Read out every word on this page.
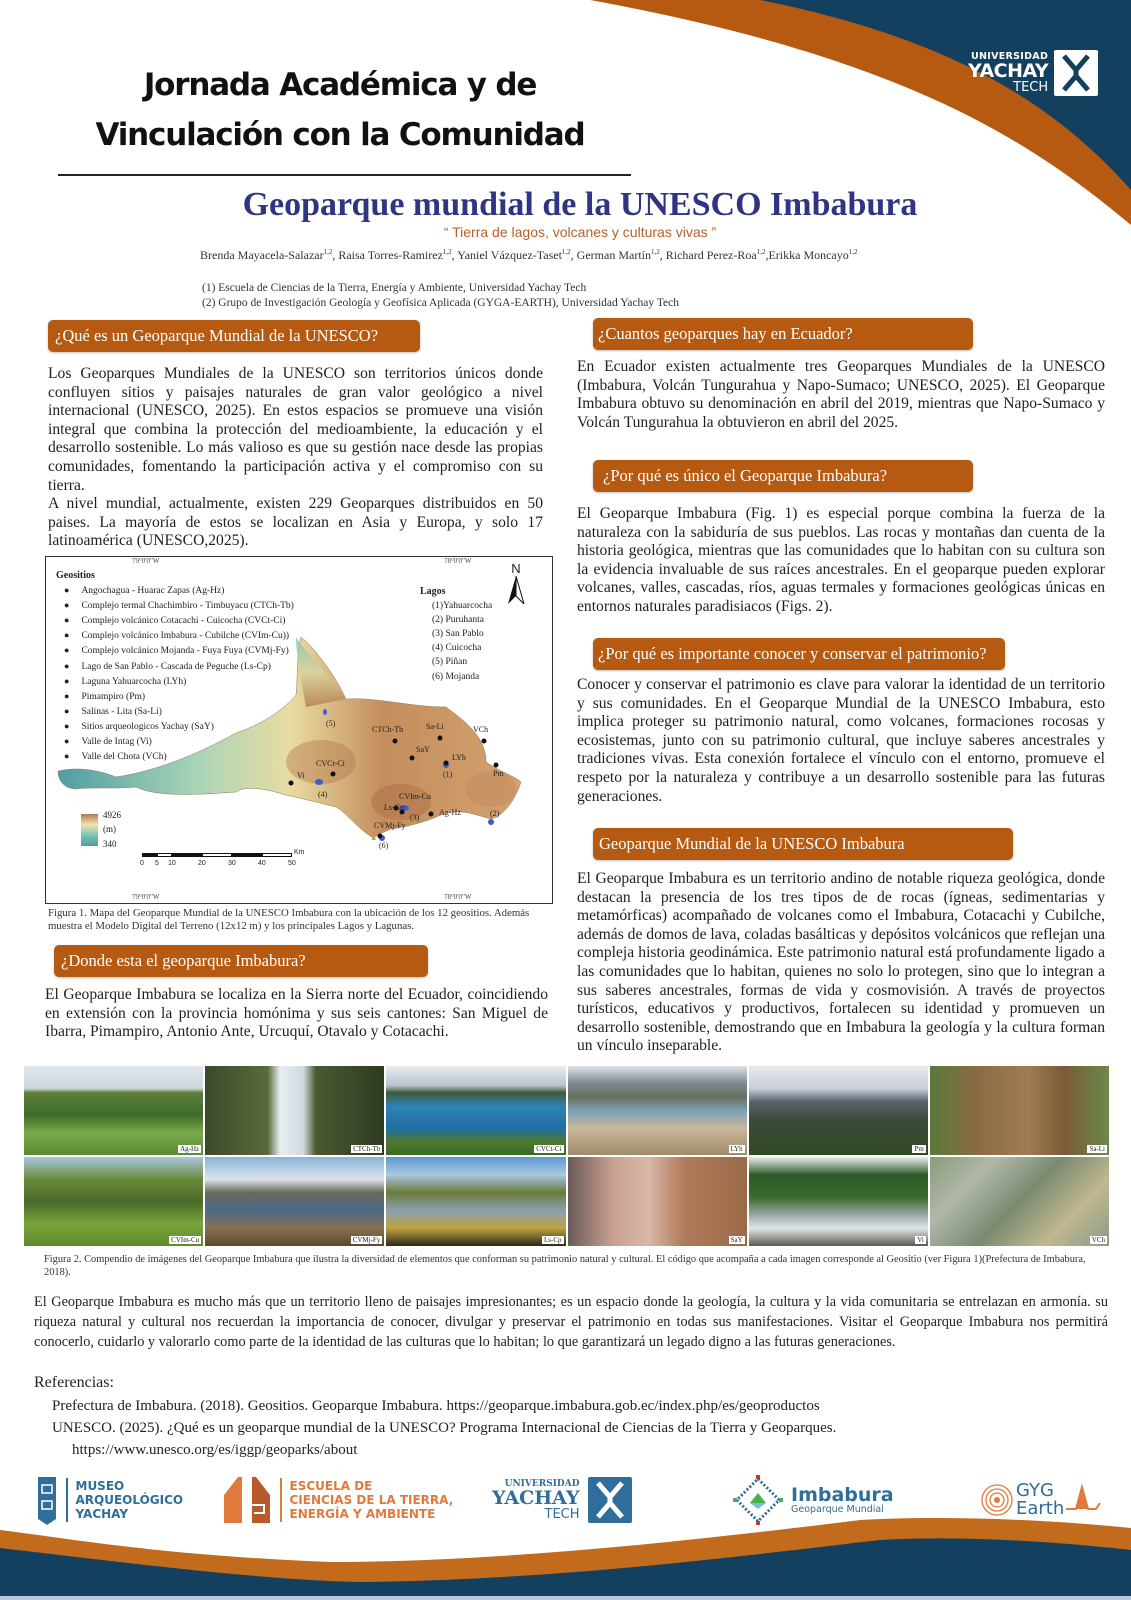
UNIVERSIDAD
YACHAY
TECH
Jornada Académica y de
Vinculación con la Comunidad
Geoparque mundial de la UNESCO Imbabura
“ Tierra de lagos, volcanes y culturas vivas ”
Brenda Mayacela-Salazar$^{1,2}$, Raisa Torres-Ramirez$^{1,2}$, Yaniel Vázquez-Taset$^{1,2}$, German Martín$^{1,2}$, Richard Perez-Roa$^{1,2}$,Erikka Moncayo$^{1,2}$
(1) Escuela de Ciencias de la Tierra, Energía y Ambiente, Universidad Yachay Tech
(2) Grupo de Investigación Geología y Geofísica Aplicada (GYGA-EARTH), Universidad Yachay Tech
¿Qué es un Geoparque Mundial de la UNESCO?
Los Geoparques Mundiales de la UNESCO son territorios únicos donde confluyen sitios y paisajes naturales de gran valor geológico a nivel internacional (UNESCO, 2025). En estos espacios se promueve una visión integral que combina la protección del medioambiente, la educación y el desarrollo sostenible. Lo más valioso es que su gestión nace desde las propias comunidades, fomentando la participación activa y el compromiso con su tierra.
A nivel mundial, actualmente, existen 229 Geoparques distribuidos en 50 paises. La mayoría de estos se localizan en Asia y Europa, y solo 17 latinoamérica (UNESCO,2025).
79°0'0"W	78°0'0"W
79°0'0"W	78°0'0"W
Geositios
● Angochagua - Huarac Zapas (Ag-Hz)
● Complejo termal Chachimbiro - Timbuyacu (CTCh-Tb)
● Complejo volcánico Cotacachi - Cuicocha (CVCt-Ci)
● Complejo volcánico Imbabura - Cubilche (CVIm-Cu))
● Complejo volcánico Mojanda - Fuya Fuya (CVMj-Fy)
● Lago de San Pablo - Cascada de Peguche (Ls-Cp)
● Laguna Yahuarcocha (LYh)
● Pimampiro (Pm)
● Salinas - Lita (Sa-Li)
● Sitios arqueologicos Yachay (SaY)
● Valle de Intag (Vi)
● Valle del Chota (VCh)
Lagos
(1)Yahuarcocha
(2) Puruhanta
(3) San Pablo
(4) Cuicocha
(5) Piñan
(6) Mojanda
N
4926
(m)
340
0 5 10	20	30	40	50
Km
CTCh-Tb	Sa-Li	VCh
SaY
LYh
Pm
CVCt-Ci
Vi
CVIm-Cu
Ag-Hz
Ls-Cp
CVMj-Fy
(5)
(1)
(4)
(3)	(2)
(6)
Figura 1. Mapa del Geoparque Mundial de la UNESCO Imbabura con la ubicación de los 12 geositios. Además muestra el Modelo Digital del Terreno (12x12 m) y los principales Lagos y Lagunas.
¿Donde esta el geoparque Imbabura?
El Geoparque Imbabura se localiza en la Sierra norte del Ecuador, coincidiendo en extensión con la provincia homónima y sus seis cantones: San Miguel de Ibarra, Pimampiro, Antonio Ante, Urcuquí, Otavalo y Cotacachi.
¿Cuantos geoparques hay en Ecuador?
En Ecuador existen actualmente tres Geoparques Mundiales de la UNESCO (Imbabura, Volcán Tungurahua y Napo-Sumaco; UNESCO, 2025). El Geoparque Imbabura obtuvo su denominación en abril del 2019, mientras que Napo-Sumaco y Volcán Tungurahua la obtuvieron en abril del 2025.
¿Por qué es único el Geoparque Imbabura?
El Geoparque Imbabura (Fig. 1) es especial porque combina la fuerza de la naturaleza con la sabiduría de sus pueblos. Las rocas y montañas dan cuenta de la historia geológica, mientras que las comunidades que lo habitan con su cultura son la evidencia invaluable de sus raíces ancestrales. En el geoparque pueden explorar volcanes, valles, cascadas, ríos, aguas termales y formaciones geológicas únicas en entornos naturales paradisiacos (Figs. 2).
¿Por qué es importante conocer y conservar el patrimonio?
Conocer y conservar el patrimonio es clave para valorar la identidad de un territorio y sus comunidades. En el Geoparque Mundial de la UNESCO Imbabura, esto implica proteger su patrimonio natural, como volcanes, formaciones rocosas y ecosistemas, junto con su patrimonio cultural, que incluye saberes ancestrales y tradiciones vivas. Esta conexión fortalece el vínculo con el entorno, promueve el respeto por la naturaleza y contribuye a un desarrollo sostenible para las futuras generaciones.
Geoparque Mundial de la UNESCO Imbabura
El Geoparque Imbabura es un territorio andino de notable riqueza geológica, donde destacan la presencia de los tres tipos de de rocas (ígneas, sedimentarias y metamórficas) acompañado de volcanes como el Imbabura, Cotacachi y Cubilche, además de domos de lava, coladas basálticas y depósitos volcánicos que reflejan una compleja historia geodinámica. Este patrimonio natural está profundamente ligado a las comunidades que lo habitan, quienes no solo lo protegen, sino que lo integran a sus saberes ancestrales, formas de vida y cosmovisión. A través de proyectos turísticos, educativos y productivos, fortalecen su identidad y promueven un desarrollo sostenible, demostrando que en Imbabura la geología y la cultura forman un vínculo inseparable.
Ag-Hz	CTCh-Tb	CVCt-Ci	LYh	Pm	Sa-Li
CVIm-Cu	CVMj-Fy	Ls-Cp	SaY	Vi	VCh
Figura 2. Compendio de imágenes del Geoparque Imbabura que ilustra la diversidad de elementos que conforman su patrimonio natural y cultural. El código que acompaña a cada imagen corresponde al Geositio (ver Figura 1)(Prefectura de Imbabura, 2018).
El Geoparque Imbabura es mucho más que un territorio lleno de paisajes impresionantes; es un espacio donde la geología, la cultura y la vida comunitaria se entrelazan en armonía. su riqueza natural y cultural nos recuerdan la importancia de conocer, divulgar y preservar el patrimonio en todas sus manifestaciones. Visitar el Geoparque Imbabura nos permitirá conocerlo, cuidarlo y valorarlo como parte de la identidad de las culturas que lo habitan; lo que garantizará un legado digno a las futuras generaciones.
Referencias:
Prefectura de Imbabura. (2018). Geositios. Geoparque Imbabura. https://geoparque.imbabura.gob.ec/index.php/es/geoproductos
UNESCO. (2025). ¿Qué es un geoparque mundial de la UNESCO? Programa Internacional de Ciencias de la Tierra y Geoparques.
https://www.unesco.org/es/iggp/geoparks/about
MUSEO
ARQUEOLÓGICO
YACHAY
ESCUELA DE
CIENCIAS DE LA TIERRA,
ENERGÍA Y AMBIENTE
UNIVERSIDAD
YACHAY
TECH
Imbabura
Geoparque Mundial
GYG
Earth
